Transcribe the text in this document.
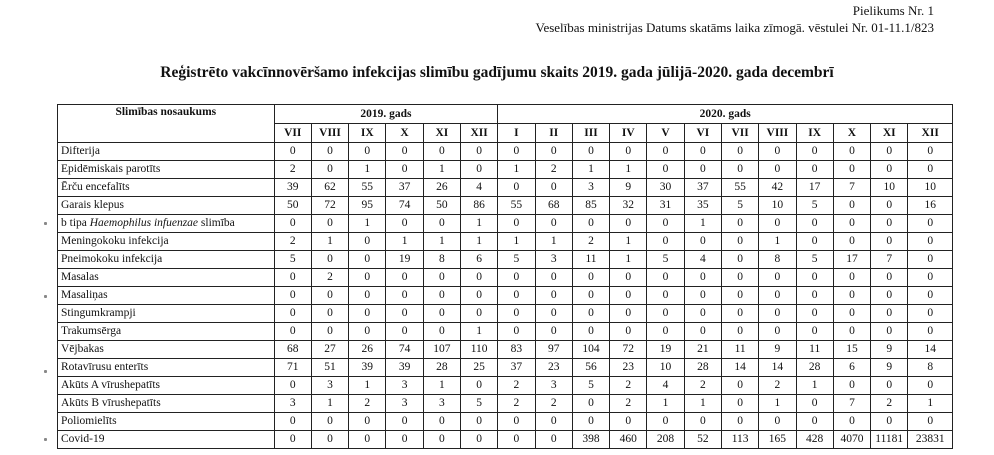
Pielikums Nr. 1
Veselības ministrijas Datums skatāms laika zīmogā. vēstulei Nr. 01-11.1/823
Reģistrēto vakcīnnovēršamo infekcijas slimību gadījumu skaits 2019. gada jūlijā-2020. gada decembrī
Slimības nosaukums	2019. gads						2020. gads											
	VII	VIII	IX	X	XI	XII	I	II	III	IV	V	VI	VII	VIII	IX	X	XI	XII
Difterija	0	0	0	0	0	0	0	0	0	0	0	0	0	0	0	0	0	0
Epidēmiskais parotīts	2	0	1	0	1	0	1	2	1	1	0	0	0	0	0	0	0	0
Ērču encefalīts	39	62	55	37	26	4	0	0	3	9	30	37	55	42	17	7	10	10
Garais klepus	50	72	95	74	50	86	55	68	85	32	31	35	5	10	5	0	0	16
b tipa Haemophilus infuenzae slimība	0	0	1	0	0	1	0	0	0	0	0	1	0	0	0	0	0	0
Meningokoku infekcija	2	1	0	1	1	1	1	1	2	1	0	0	0	1	0	0	0	0
Pneimokoku infekcija	5	0	0	19	8	6	5	3	11	1	5	4	0	8	5	17	7	0
Masalas	0	2	0	0	0	0	0	0	0	0	0	0	0	0	0	0	0	0
Masaliņas	0	0	0	0	0	0	0	0	0	0	0	0	0	0	0	0	0	0
Stingumkrampji	0	0	0	0	0	0	0	0	0	0	0	0	0	0	0	0	0	0
Trakumsērga	0	0	0	0	0	1	0	0	0	0	0	0	0	0	0	0	0	0
Vējbakas	68	27	26	74	107	110	83	97	104	72	19	21	11	9	11	15	9	14
Rotavīrusu enterīts	71	51	39	39	28	25	37	23	56	23	10	28	14	14	28	6	9	8
Akūts A vīrushepatīts	0	3	1	3	1	0	2	3	5	2	4	2	0	2	1	0	0	0
Akūts B vīrushepatīts	3	1	2	3	3	5	2	2	0	2	1	1	0	1	0	7	2	1
Poliomielīts	0	0	0	0	0	0	0	0	0	0	0	0	0	0	0	0	0	0
Covid-19	0	0	0	0	0	0	0	0	398	460	208	52	113	165	428	4070	11181	23831
